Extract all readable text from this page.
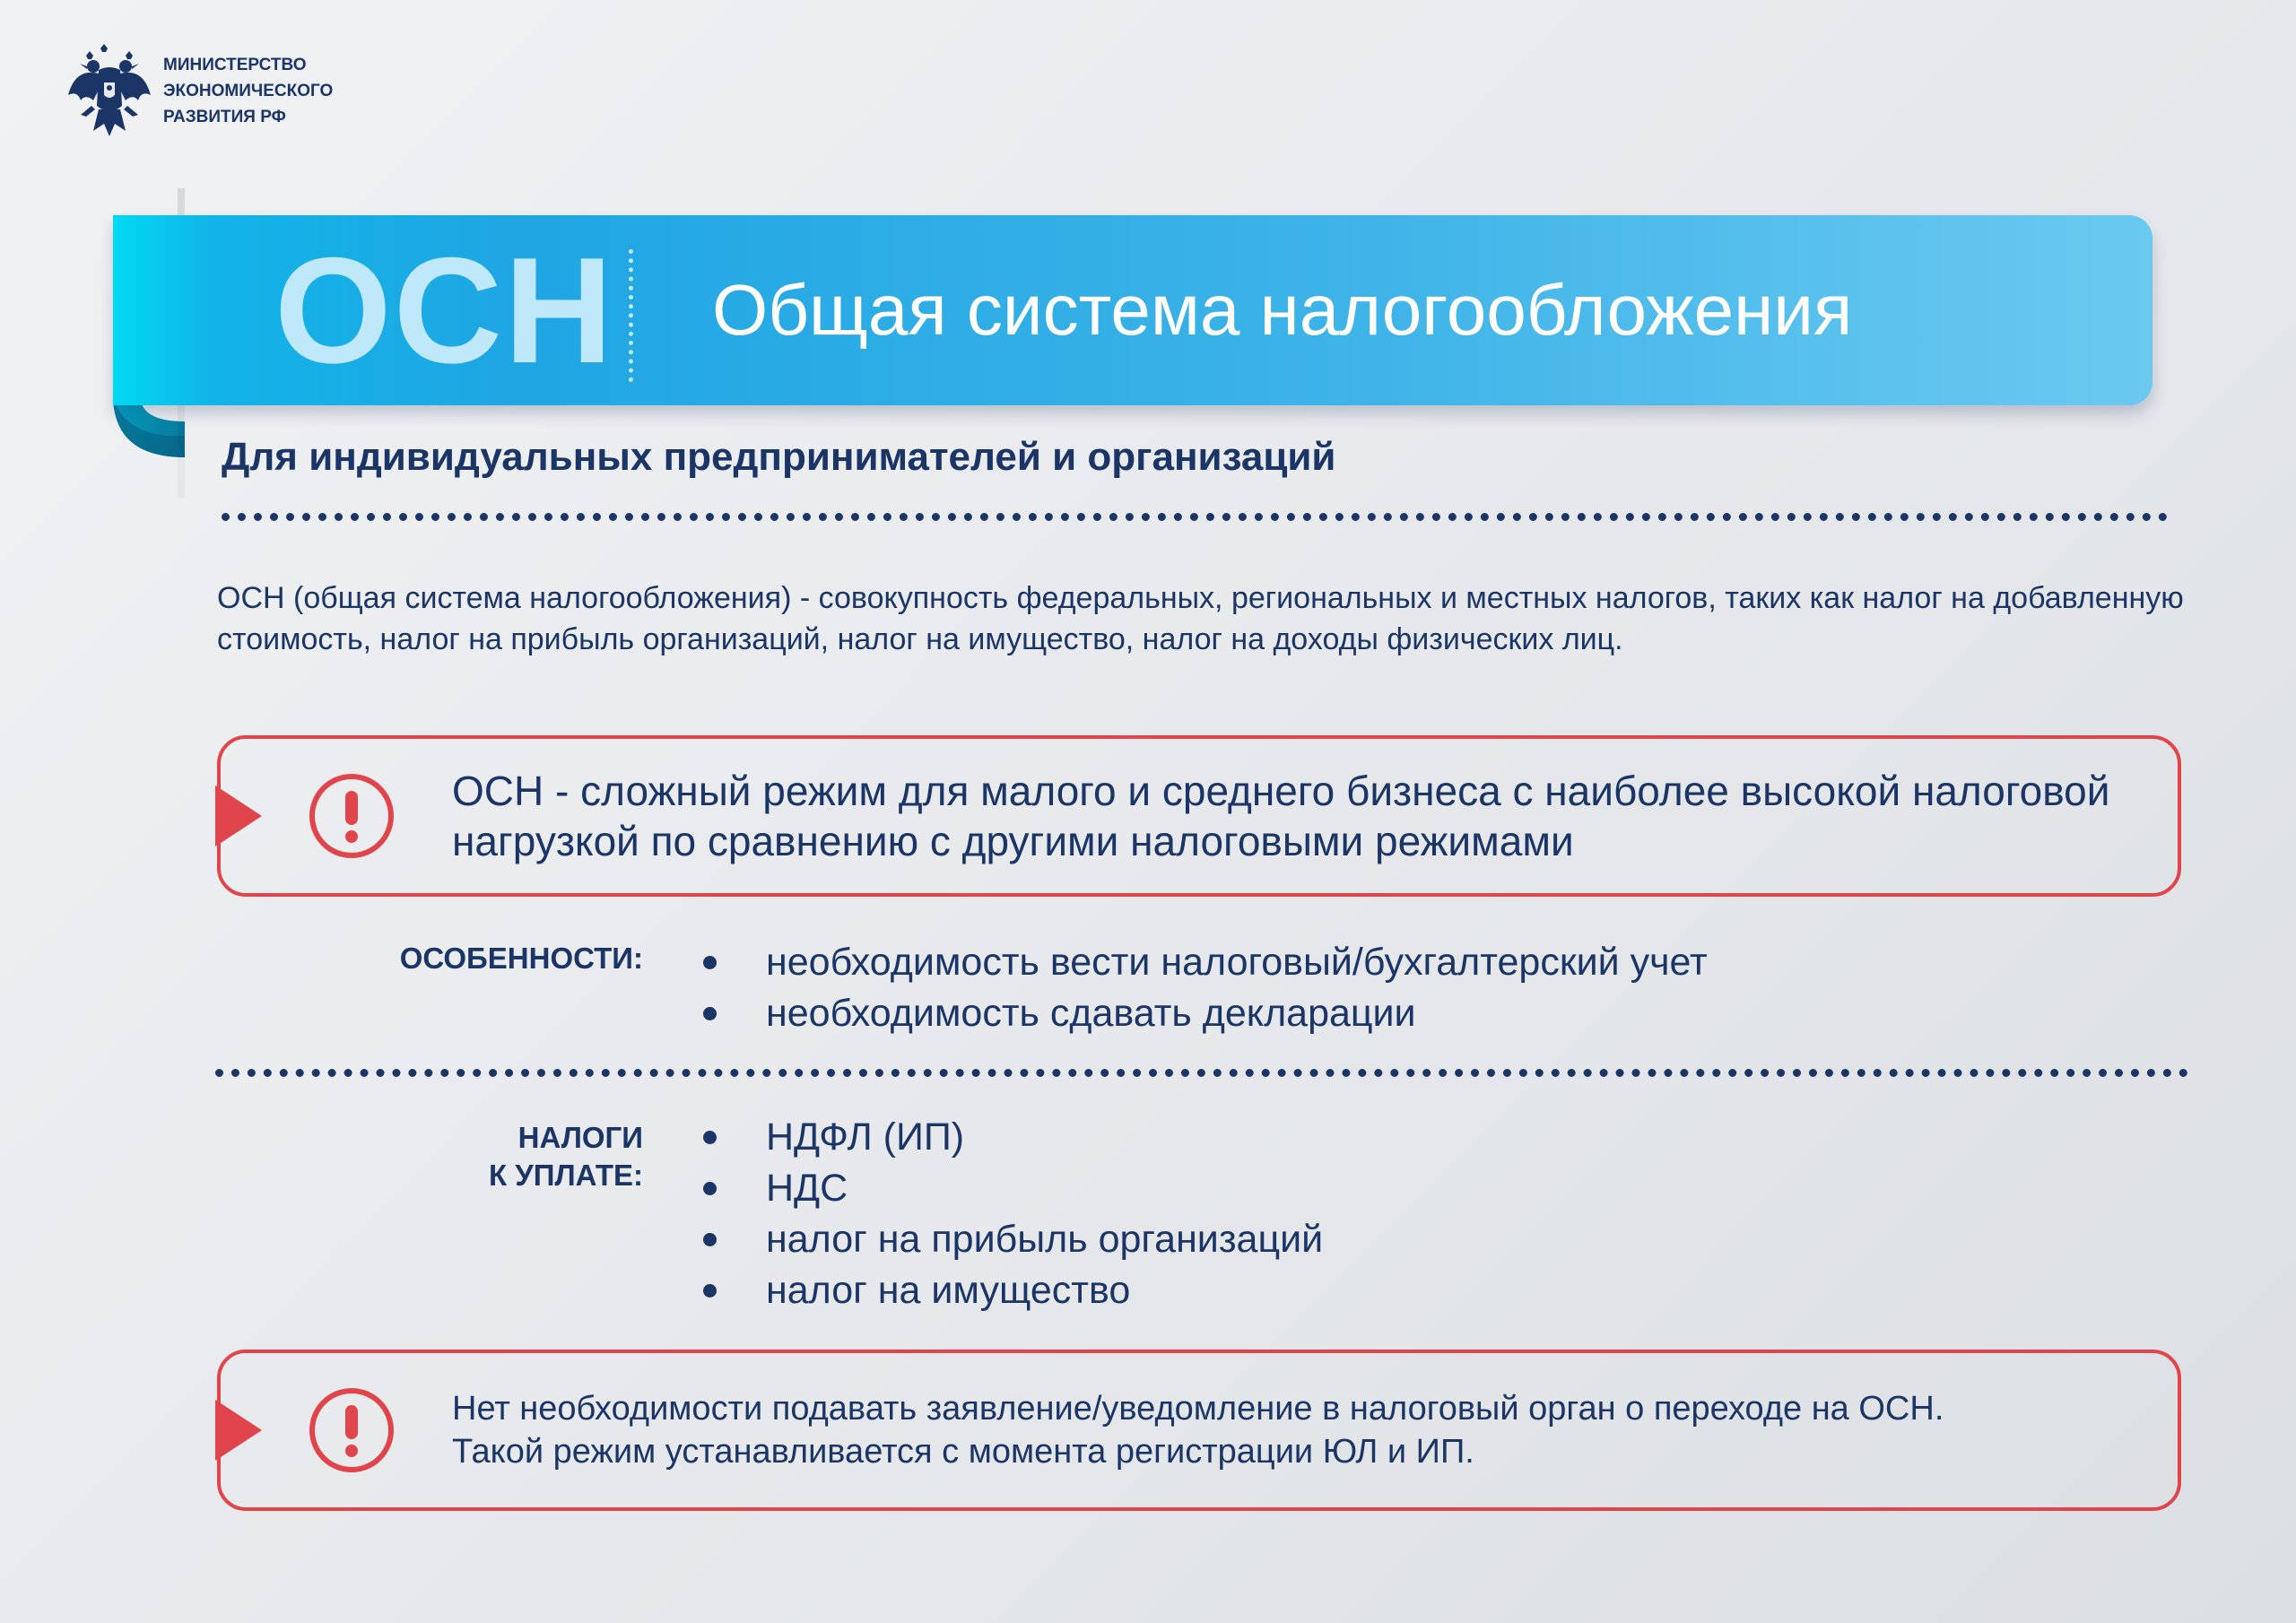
МИНИСТЕРСТВО
ЭКОНОМИЧЕСКОГО
РАЗВИТИЯ РФ
ОСН Общая система налогообложения
Для индивидуальных предпринимателей и организаций
ОСН (общая система налогообложения) - совокупность федеральных, региональных и местных налогов, таких как налог на добавленную стоимость, налог на прибыль организаций, налог на имущество, налог на доходы физических лиц.
ОСН - сложный режим для малого и среднего бизнеса с наиболее высокой налоговой нагрузкой по сравнению с другими налоговыми режимами
ОСОБЕННОСТИ:	необходимость вести налоговый/бухгалтерский учет
необходимость сдавать декларации
НАЛОГИ
К УПЛАТЕ:
НДФЛ (ИП)
НДС
налог на прибыль организаций
налог на имущество
Нет необходимости подавать заявление/уведомление в налоговый орган о переходе на ОСН.
Такой режим устанавливается с момента регистрации ЮЛ и ИП.
